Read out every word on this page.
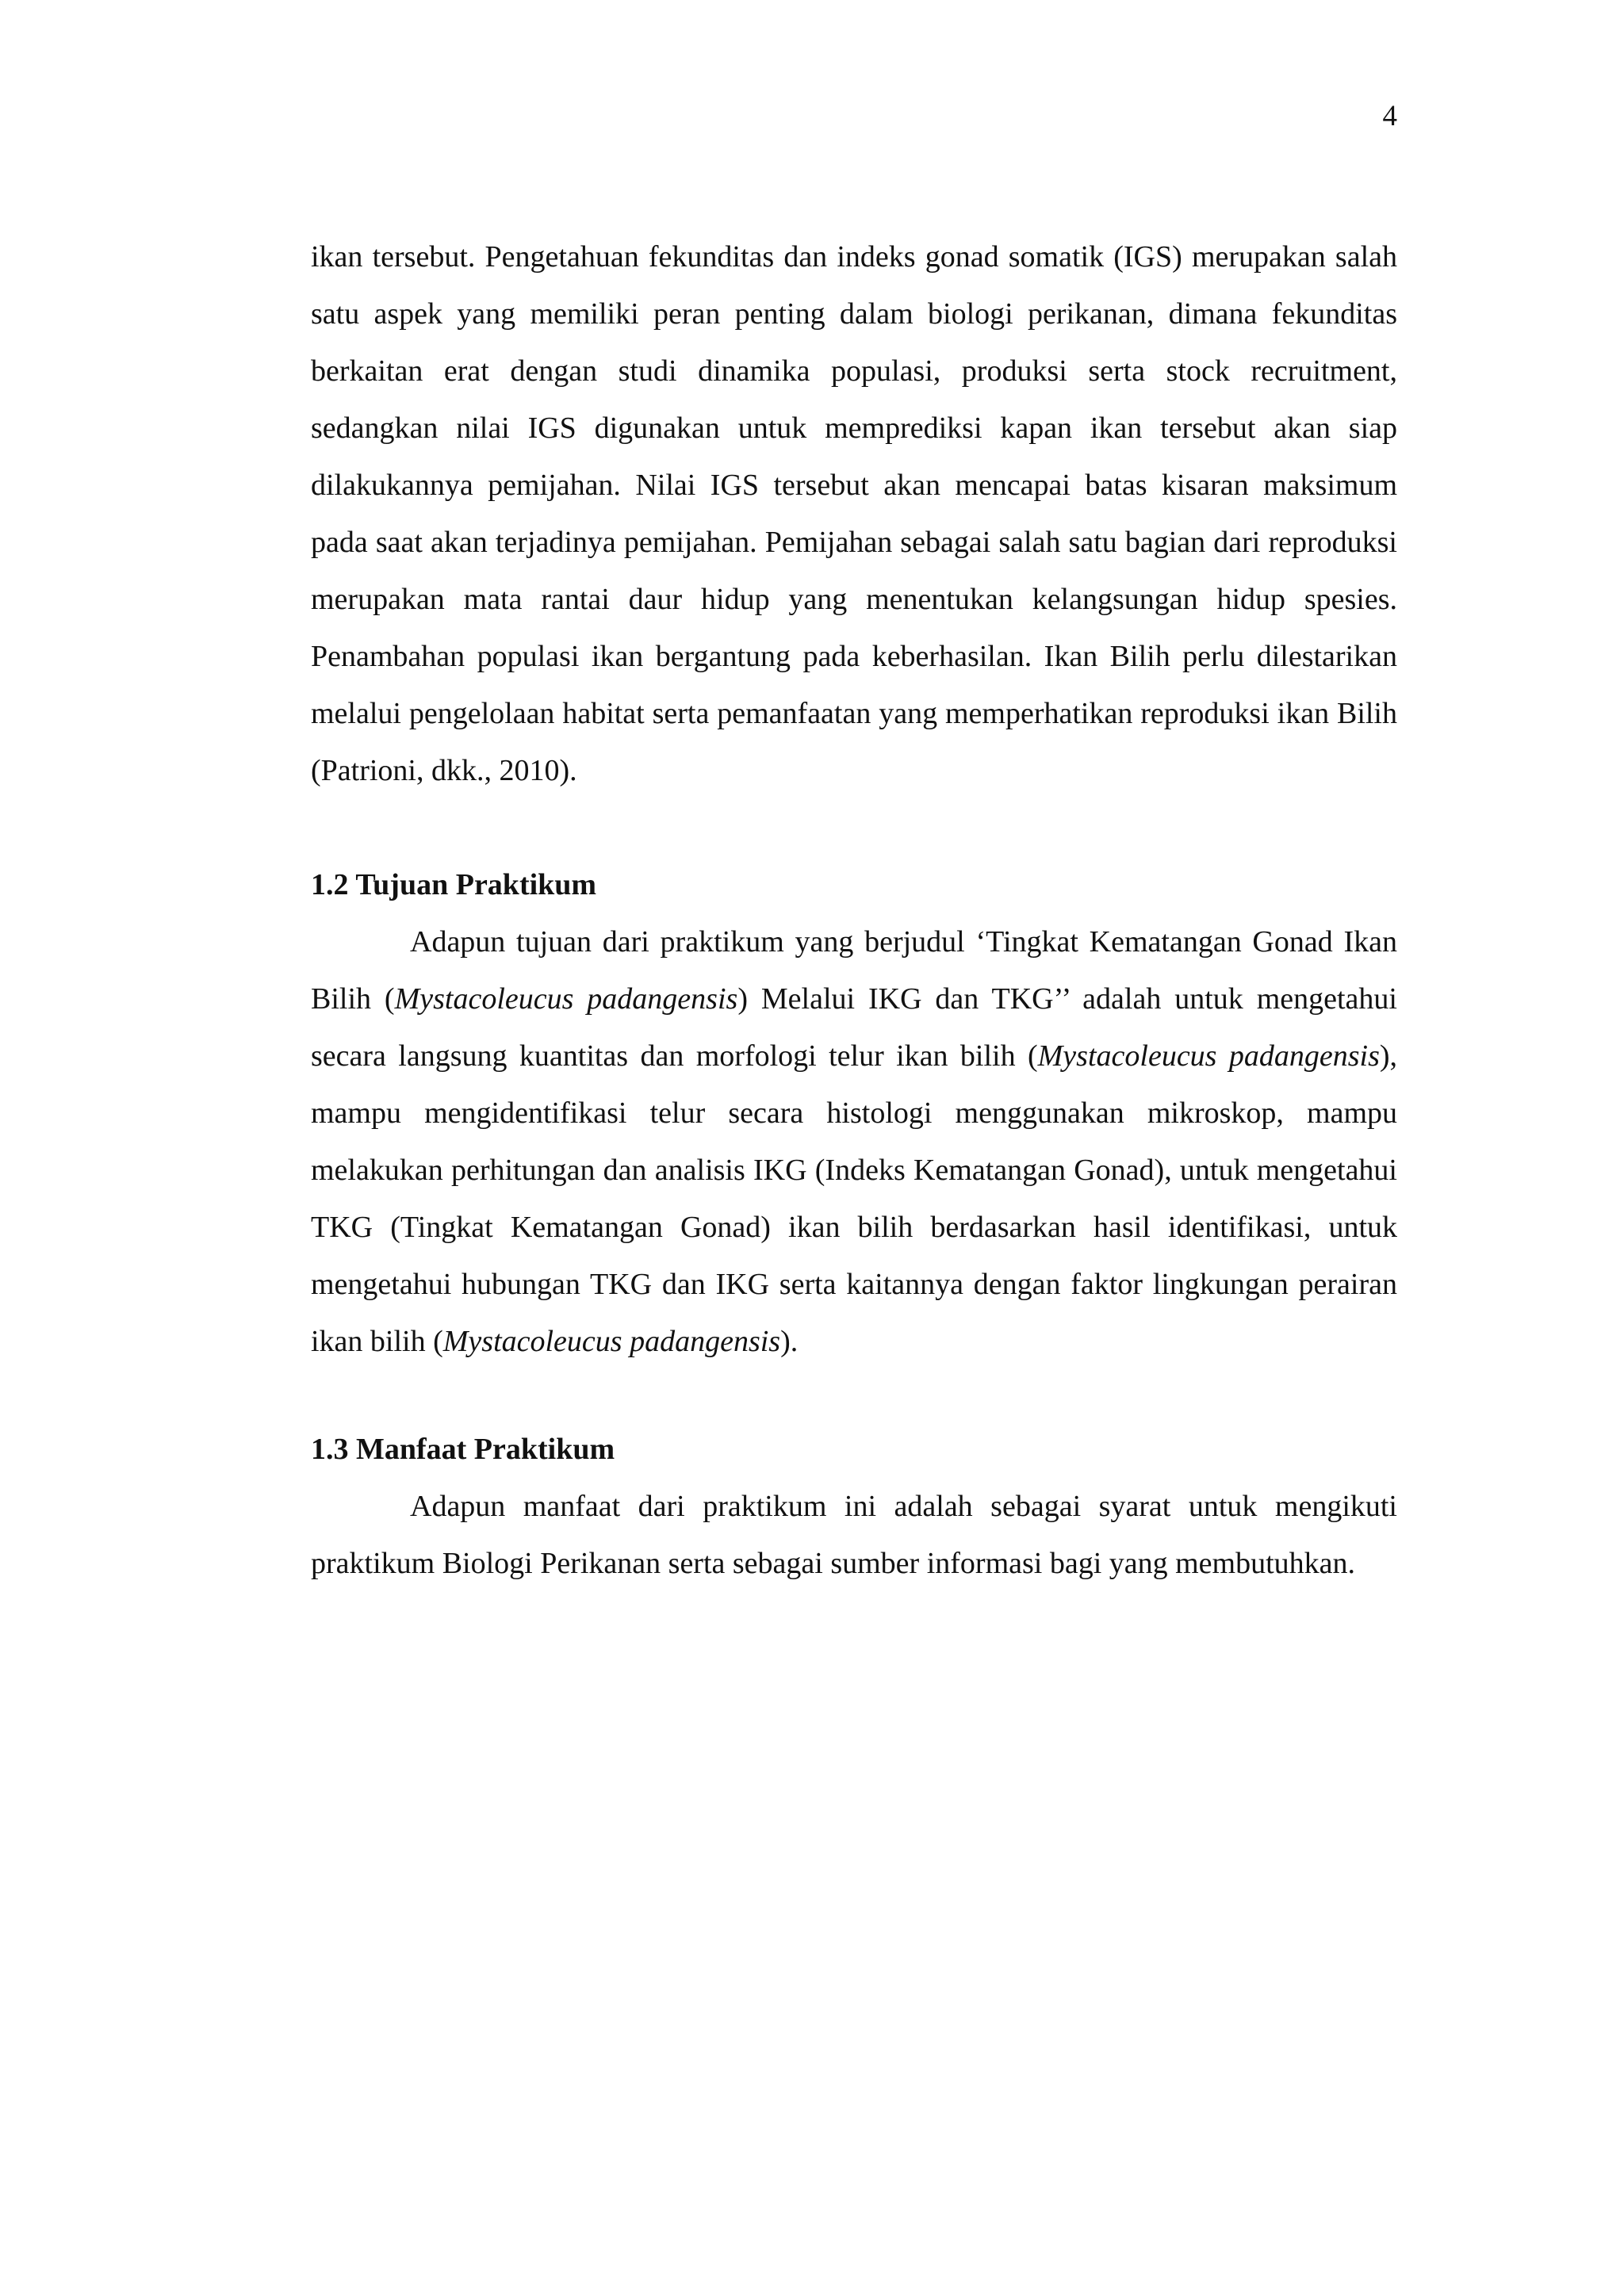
4

ikan tersebut. Pengetahuan fekunditas dan indeks gonad somatik (IGS) merupakan salah satu aspek yang memiliki peran penting dalam biologi perikanan, dimana fekunditas berkaitan erat dengan studi dinamika populasi, produksi serta stock recruitment, sedangkan nilai IGS digunakan untuk memprediksi kapan ikan tersebut akan siap dilakukannya pemijahan. Nilai IGS tersebut akan mencapai batas kisaran maksimum pada saat akan terjadinya pemijahan. Pemijahan sebagai salah satu bagian dari reproduksi merupakan mata rantai daur hidup yang menentukan kelangsungan hidup spesies. Penambahan populasi ikan bergantung pada keberhasilan. Ikan Bilih perlu dilestarikan melalui pengelolaan habitat serta pemanfaatan yang memperhatikan reproduksi ikan Bilih (Patrioni, dkk., 2010).

1.2 Tujuan Praktikum

Adapun tujuan dari praktikum yang berjudul ‘Tingkat Kematangan Gonad Ikan Bilih (Mystacoleucus padangensis) Melalui IKG dan TKG’’ adalah untuk mengetahui secara langsung kuantitas dan morfologi telur ikan bilih (Mystacoleucus padangensis), mampu mengidentifikasi telur secara histologi menggunakan mikroskop, mampu melakukan perhitungan dan analisis IKG (Indeks Kematangan Gonad), untuk mengetahui TKG (Tingkat Kematangan Gonad) ikan bilih berdasarkan hasil identifikasi, untuk mengetahui hubungan TKG dan IKG serta kaitannya dengan faktor lingkungan perairan ikan bilih (Mystacoleucus padangensis).

1.3 Manfaat Praktikum

Adapun manfaat dari praktikum ini adalah sebagai syarat untuk mengikuti praktikum Biologi Perikanan serta sebagai sumber informasi bagi yang membutuhkan.
